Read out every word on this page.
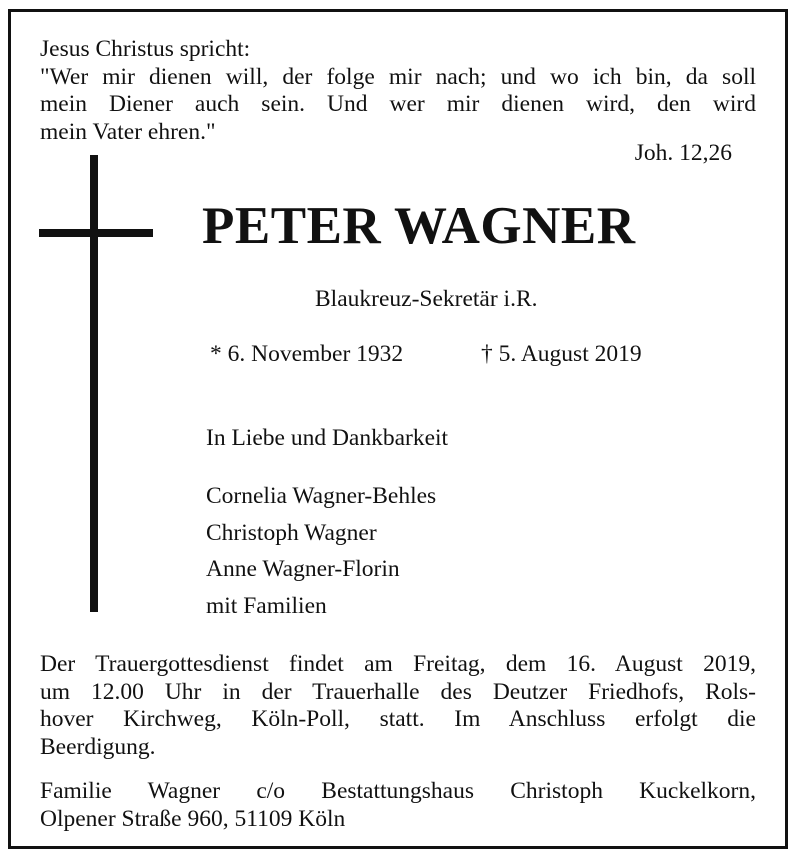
Jesus Christus spricht:
"Wer mir dienen will, der folge mir nach; und wo ich bin, da soll
mein Diener auch sein. Und wer mir dienen wird, den wird
mein Vater ehren."
Joh. 12,26
PETER WAGNER
Blaukreuz-Sekretär i.R.
* 6. November 1932	† 5. August 2019
In Liebe und Dankbarkeit
Cornelia Wagner-Behles
Christoph Wagner
Anne Wagner-Florin
mit Familien
Der Trauergottesdienst findet am Freitag, dem 16. August 2019,
um 12.00 Uhr in der Trauerhalle des Deutzer Friedhofs, Rols-
hover Kirchweg, Köln-Poll, statt. Im Anschluss erfolgt die
Beerdigung.
Familie Wagner c/o Bestattungshaus Christoph Kuckelkorn,
Olpener Straße 960, 51109 Köln
